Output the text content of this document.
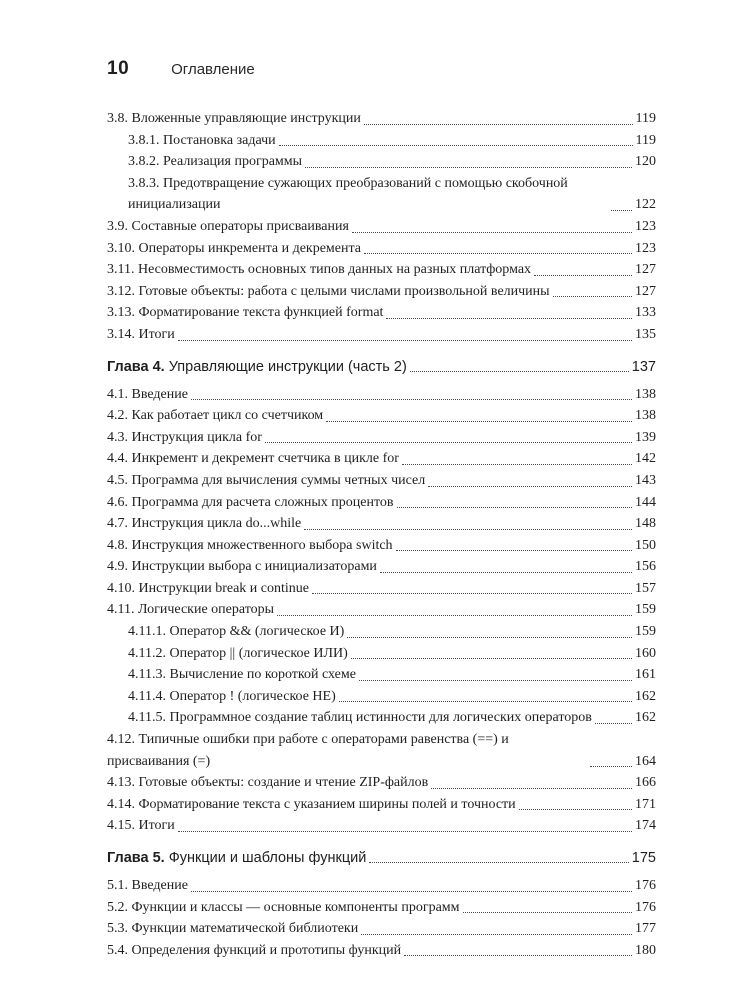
10	Оглавление
3.8. Вложенные управляющие инструкции	119
3.8.1. Постановка задачи	119
3.8.2. Реализация программы	120
3.8.3. Предотвращение сужающих преобразований с помощью скобочной инициализации	122
3.9. Составные операторы присваивания	123
3.10. Операторы инкремента и декремента	123
3.11. Несовместимость основных типов данных на разных платформах	127
3.12. Готовые объекты: работа с целыми числами произвольной величины	127
3.13. Форматирование текста функцией format	133
3.14. Итоги	135
Глава 4. Управляющие инструкции (часть 2)	137
4.1. Введение	138
4.2. Как работает цикл со счетчиком	138
4.3. Инструкция цикла for	139
4.4. Инкремент и декремент счетчика в цикле for	142
4.5. Программа для вычисления суммы четных чисел	143
4.6. Программа для расчета сложных процентов	144
4.7. Инструкция цикла do...while	148
4.8. Инструкция множественного выбора switch	150
4.9. Инструкции выбора с инициализаторами	156
4.10. Инструкции break и continue	157
4.11. Логические операторы	159
4.11.1. Оператор && (логическое И)	159
4.11.2. Оператор || (логическое ИЛИ)	160
4.11.3. Вычисление по короткой схеме	161
4.11.4. Оператор ! (логическое НЕ)	162
4.11.5. Программное создание таблиц истинности для логических операторов	162
4.12. Типичные ошибки при работе с операторами равенства (==) и присваивания (=)	164
4.13. Готовые объекты: создание и чтение ZIP-файлов	166
4.14. Форматирование текста с указанием ширины полей и точности	171
4.15. Итоги	174
Глава 5. Функции и шаблоны функций	175
5.1. Введение	176
5.2. Функции и классы — основные компоненты программ	176
5.3. Функции математической библиотеки	177
5.4. Определения функций и прототипы функций	180
